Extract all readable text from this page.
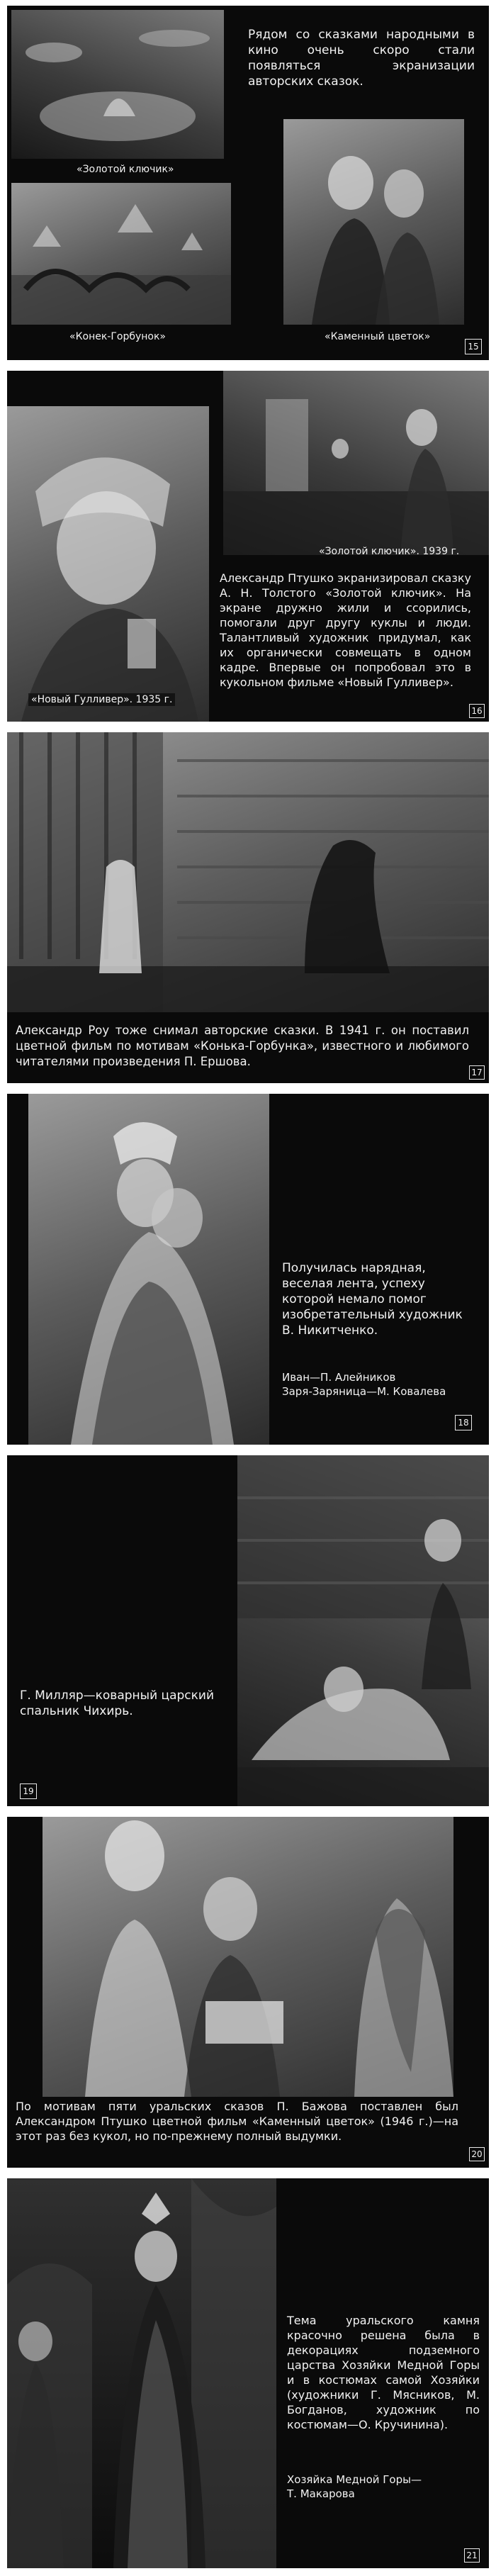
«Золотой ключик»
«Конек-Горбунок»
Рядом со сказками народными в кино очень скоро стали появляться экранизации авторских сказок.
«Каменный цветок»
15
«Новый Гулливер». 1935 г.
«Золотой ключик». 1939 г.
Александр Птушко экранизировал сказку А. Н. Толстого «Золотой ключик». На экране дружно жили и ссорились, помогали друг другу куклы и люди. Талантливый художник придумал, как их органически совмещать в одном кадре. Впервые он попробовал это в кукольном фильме «Новый Гулливер».
16
Александр Роу тоже снимал авторские сказки. В 1941 г. он поставил цветной фильм по мотивам «Конька-Горбунка», известного и любимого читателями произведения П. Ершова.
17
Получилась нарядная, веселая лента, успеху которой немало помог изобретательный художник В. Никитченко.
Иван—П. Алейников
Заря-Заряница—М. Ковалева
18
Г. Милляр—коварный царский спальник Чихирь.
19
По мотивам пяти уральских сказов П. Бажова поставлен был Александром Птушко цветной фильм «Каменный цветок» (1946 г.)—на этот раз без кукол, но по-прежнему полный выдумки.
20
Тема уральского камня красочно решена была в декорациях подземного царства Хозяйки Медной Горы и в костюмах самой Хозяйки (художники Г. Мясников, М. Богданов, художник по костюмам—О. Кручинина).
Хозяйка Медной Горы—
Т. Макарова
21
